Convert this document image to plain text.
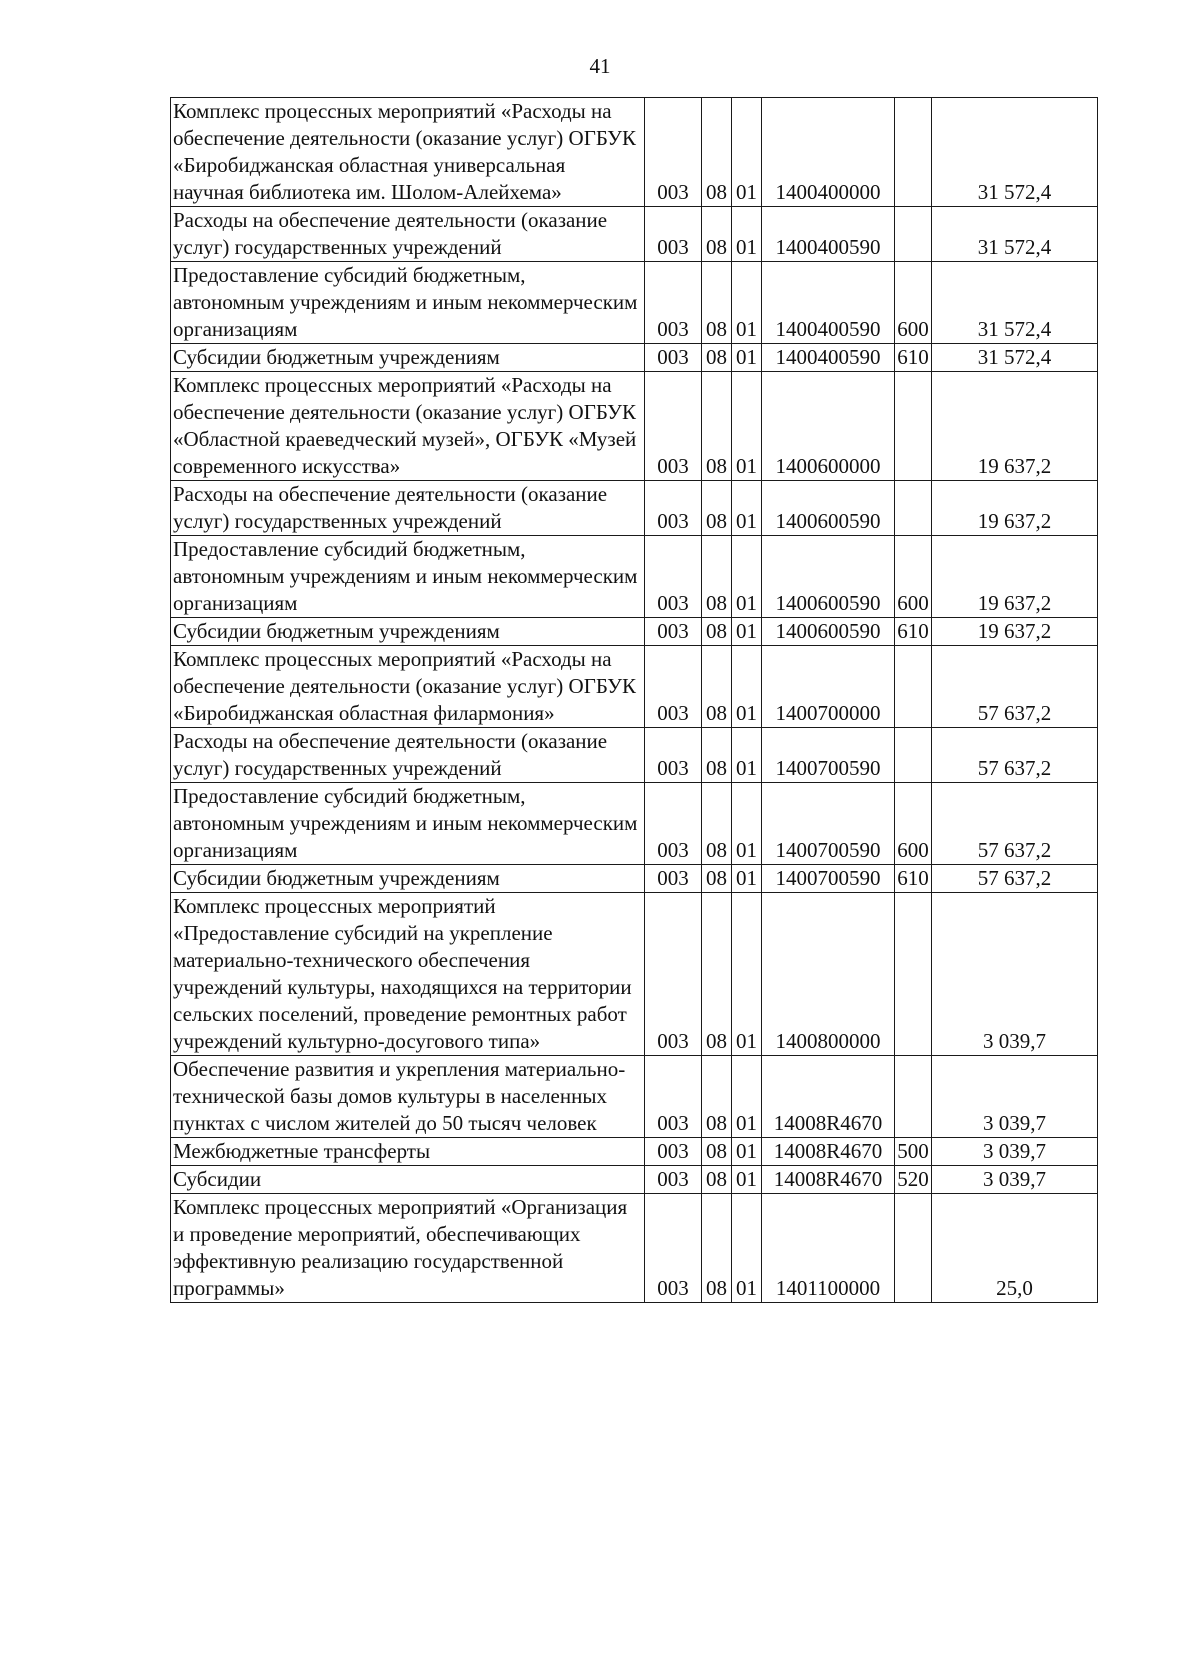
41
Комплекс процессных мероприятий «Расходы на обеспечение деятельности (оказание услуг) ОГБУК «Биробиджанская областная универсальная научная библиотека им. Шолом-Алейхема»	003	08	01	1400400000		31 572,4
Расходы на обеспечение деятельности (оказание услуг) государственных учреждений	003	08	01	1400400590		31 572,4
Предоставление субсидий бюджетным, автономным учреждениям и иным некоммерческим организациям	003	08	01	1400400590	600	31 572,4
Субсидии бюджетным учреждениям	003	08	01	1400400590	610	31 572,4
Комплекс процессных мероприятий «Расходы на обеспечение деятельности (оказание услуг) ОГБУК «Областной краеведческий музей», ОГБУК «Музей современного искусства»	003	08	01	1400600000		19 637,2
Расходы на обеспечение деятельности (оказание услуг) государственных учреждений	003	08	01	1400600590		19 637,2
Предоставление субсидий бюджетным, автономным учреждениям и иным некоммерческим организациям	003	08	01	1400600590	600	19 637,2
Субсидии бюджетным учреждениям	003	08	01	1400600590	610	19 637,2
Комплекс процессных мероприятий «Расходы на обеспечение деятельности (оказание услуг) ОГБУК «Биробиджанская областная филармония»	003	08	01	1400700000		57 637,2
Расходы на обеспечение деятельности (оказание услуг) государственных учреждений	003	08	01	1400700590		57 637,2
Предоставление субсидий бюджетным, автономным учреждениям и иным некоммерческим организациям	003	08	01	1400700590	600	57 637,2
Субсидии бюджетным учреждениям	003	08	01	1400700590	610	57 637,2
Комплекс процессных мероприятий «Предоставление субсидий на укрепление материально-технического обеспечения учреждений культуры, находящихся на территории сельских поселений, проведение ремонтных работ учреждений культурно-досугового типа»	003	08	01	1400800000		3 039,7
Обеспечение развития и укрепления материально-технической базы домов культуры в населенных пунктах с числом жителей до 50 тысяч человек	003	08	01	14008R4670		3 039,7
Межбюджетные трансферты	003	08	01	14008R4670	500	3 039,7
Субсидии	003	08	01	14008R4670	520	3 039,7
Комплекс процессных мероприятий «Организация и проведение мероприятий, обеспечивающих эффективную реализацию государственной программы»	003	08	01	1401100000		25,0
